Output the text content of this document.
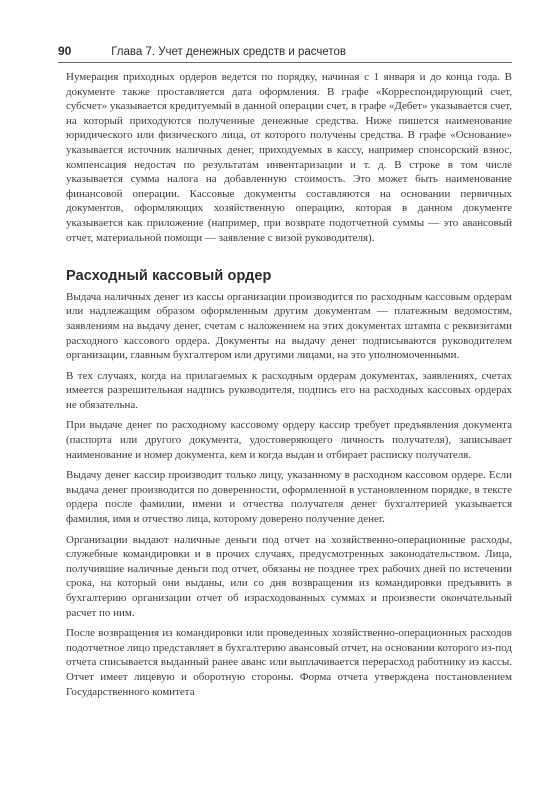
90	Глава 7. Учет денежных средств и расчетов

Нумерация приходных ордеров ведется по порядку, начиная с 1 января и до конца года. В документе также проставляется дата оформления. В графе «Корреспондирующий счет, субсчет» указывается кредитуемый в данной операции счет, в графе «Дебет» указывается счет, на который приходуются полученные денежные средства. Ниже пишется наименование юридического или физического лица, от которого получены средства. В графе «Основание» указывается источник наличных денег, приходуемых в кассу, например спонсорский взнос, компенсация недостач по результатам инвентаризации и т. д. В строке в том числе указывается сумма налога на добавленную стоимость. Это может быть наименование финансовой операции. Кассовые документы составляются на основании первичных документов, оформляющих хозяйственную операцию, которая в данном документе указывается как приложение (например, при возврате подотчетной суммы — это авансовый отчет, материальной помощи — заявление с визой руководителя).

Расходный кассовый ордер

Выдача наличных денег из кассы организации производится по расходным кассовым ордерам или надлежащим образом оформленным другим документам — платежным ведомостям, заявлениям на выдачу денег, счетам с наложением на этих документах штампа с реквизитами расходного кассового ордера. Документы на выдачу денег подписываются руководителем организации, главным бухгалтером или другими лицами, на это уполномоченными.

В тех случаях, когда на прилагаемых к расходным ордерам документах, заявлениях, счетах имеется разрешительная надпись руководителя, подпись его на расходных кассовых ордерах не обязательна.

При выдаче денег по расходному кассовому ордеру кассир требует предъявления документа (паспорта или другого документа, удостоверяющего личность получателя), записывает наименование и номер документа, кем и когда выдан и отбирает расписку получателя.

Выдачу денег кассир производит только лицу, указанному в расходном кассовом ордере. Если выдача денег производится по доверенности, оформленной в установленном порядке, в тексте ордера после фамилии, имени и отчества получателя денег бухгалтерией указывается фамилия, имя и отчество лица, которому доверено получение денег.

Организации выдают наличные деньги под отчет на хозяйственно-операционные расходы, служебные командировки и в прочих случаях, предусмотренных законодательством. Лица, получившие наличные деньги под отчет, обязаны не позднее трех рабочих дней по истечении срока, на который они выданы, или со дня возвращения из командировки предъявить в бухгалтерию организации отчет об израсходованных суммах и произвести окончательный расчет по ним.

После возвращения из командировки или проведенных хозяйственно-операционных расходов подотчетное лицо представляет в бухгалтерию авансовый отчет, на основании которого из-под отчета списывается выданный ранее аванс или выплачивается перерасход работнику из кассы. Отчет имеет лицевую и оборотную стороны. Форма отчета утверждена постановлением Государственного комитета
